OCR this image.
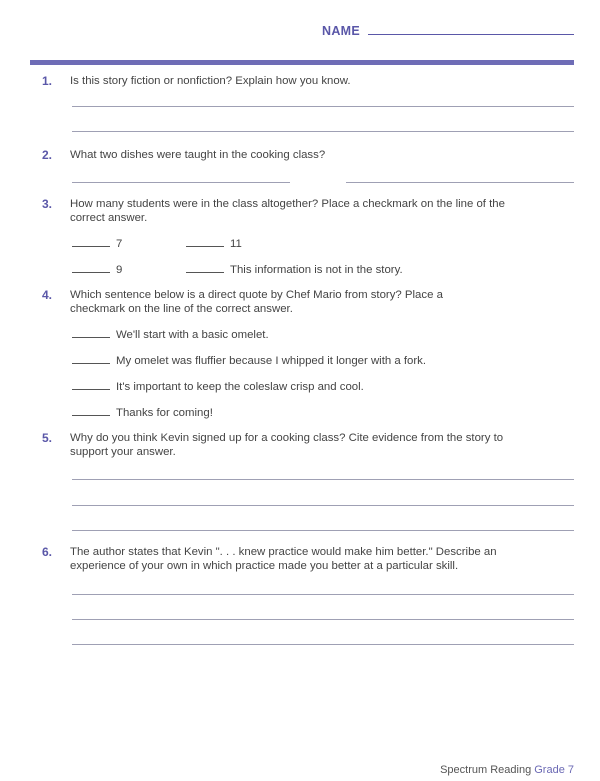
NAME
1. Is this story fiction or nonfiction? Explain how you know.
2. What two dishes were taught in the cooking class?
3. How many students were in the class altogether? Place a checkmark on the line of the
correct answer.
7	11
9	This information is not in the story.
4. Which sentence below is a direct quote by Chef Mario from story? Place a
checkmark on the line of the correct answer.
We'll start with a basic omelet.
My omelet was fluffier because I whipped it longer with a fork.
It's important to keep the coleslaw crisp and cool.
Thanks for coming!
5. Why do you think Kevin signed up for a cooking class? Cite evidence from the story to
support your answer.
6. The author states that Kevin ". . . knew practice would make him better." Describe an
experience of your own in which practice made you better at a particular skill.
Spectrum Reading Grade 7
